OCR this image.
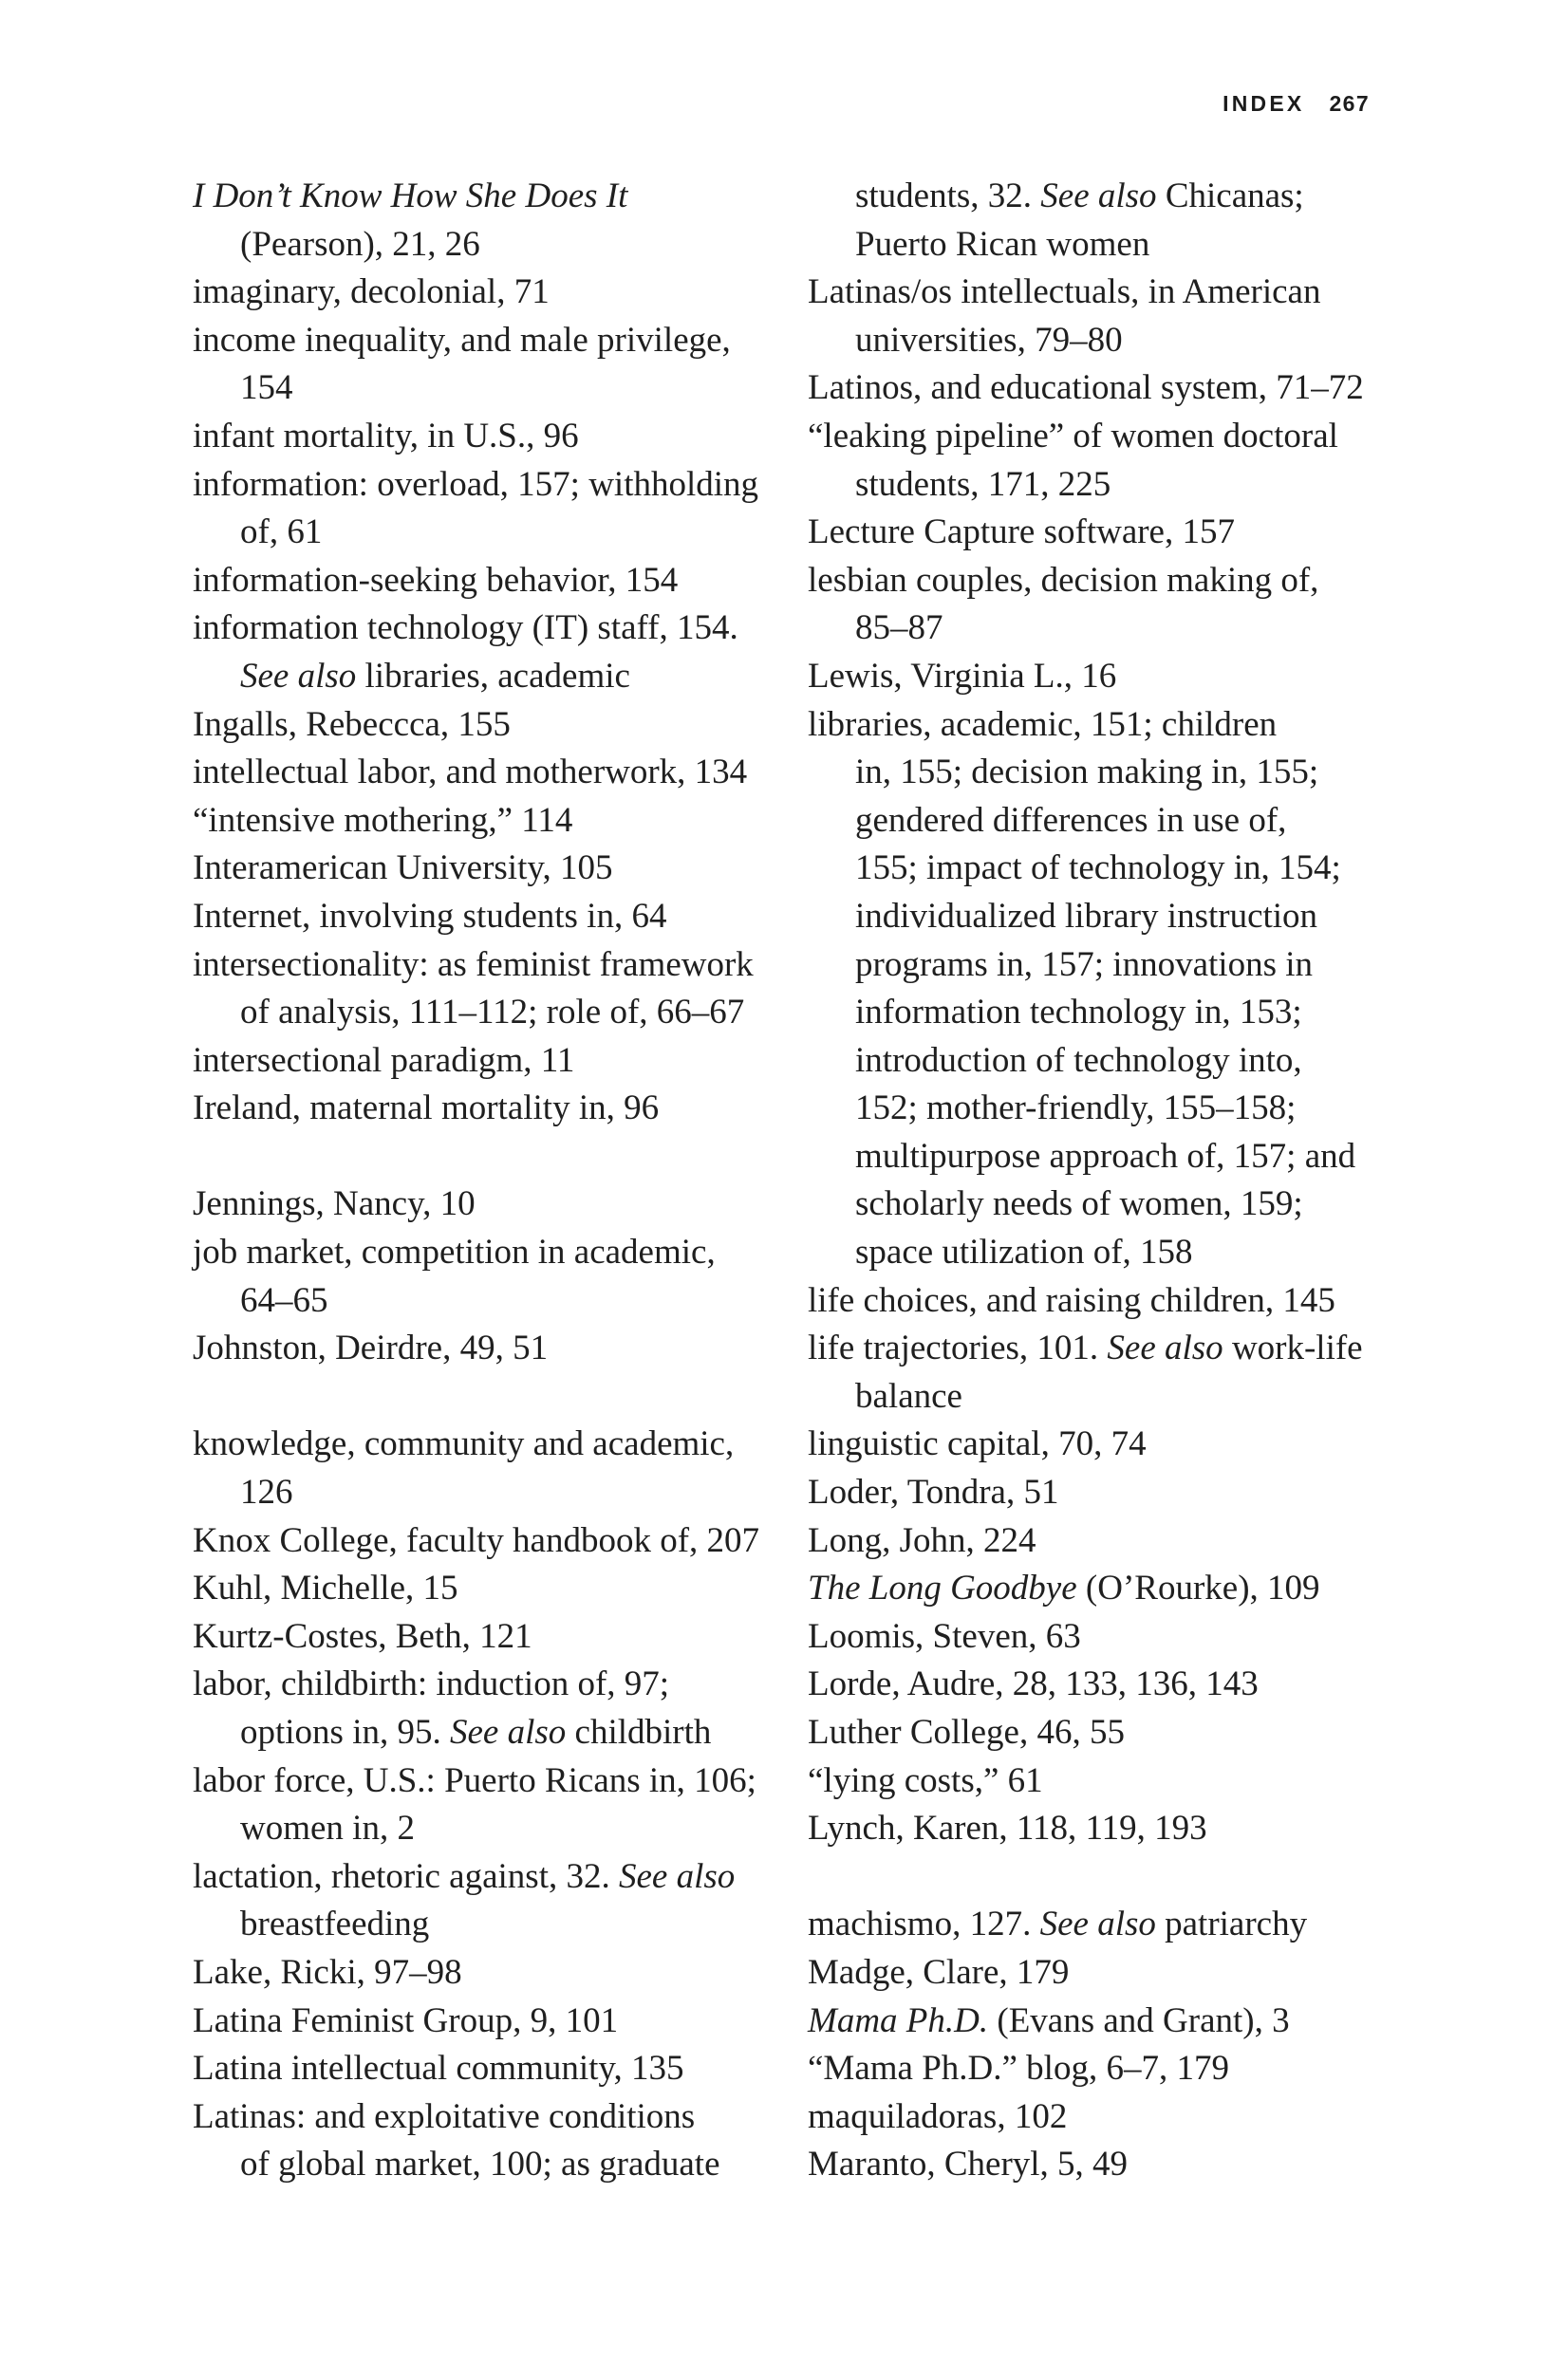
INDEX 267
I Don’t Know How She Does It
(Pearson), 21, 26
imaginary, decolonial, 71
income inequality, and male privilege,
154
infant mortality, in U.S., 96
information: overload, 157; withholding
of, 61
information-seeking behavior, 154
information technology (IT) staff, 154.
See also libraries, academic
Ingalls, Rebeccca, 155
intellectual labor, and motherwork, 134
“intensive mothering,” 114
Interamerican University, 105
Internet, involving students in, 64
intersectionality: as feminist framework
of analysis, 111–112; role of, 66–67
intersectional paradigm, 11
Ireland, maternal mortality in, 96
Jennings, Nancy, 10
job market, competition in academic,
64–65
Johnston, Deirdre, 49, 51
knowledge, community and academic,
126
Knox College, faculty handbook of, 207
Kuhl, Michelle, 15
Kurtz-Costes, Beth, 121
labor, childbirth: induction of, 97;
options in, 95. See also childbirth
labor force, U.S.: Puerto Ricans in, 106;
women in, 2
lactation, rhetoric against, 32. See also
breastfeeding
Lake, Ricki, 97–98
Latina Feminist Group, 9, 101
Latina intellectual community, 135
Latinas: and exploitative conditions
of global market, 100; as graduate
students, 32. See also Chicanas;
Puerto Rican women
Latinas/os intellectuals, in American
universities, 79–80
Latinos, and educational system, 71–72
“leaking pipeline” of women doctoral
students, 171, 225
Lecture Capture software, 157
lesbian couples, decision making of,
85–87
Lewis, Virginia L., 16
libraries, academic, 151; children
in, 155; decision making in, 155;
gendered differences in use of,
155; impact of technology in, 154;
individualized library instruction
programs in, 157; innovations in
information technology in, 153;
introduction of technology into,
152; mother-friendly, 155–158;
multipurpose approach of, 157; and
scholarly needs of women, 159;
space utilization of, 158
life choices, and raising children, 145
life trajectories, 101. See also work-life
balance
linguistic capital, 70, 74
Loder, Tondra, 51
Long, John, 224
The Long Goodbye (O’Rourke), 109
Loomis, Steven, 63
Lorde, Audre, 28, 133, 136, 143
Luther College, 46, 55
“lying costs,” 61
Lynch, Karen, 118, 119, 193
machismo, 127. See also patriarchy
Madge, Clare, 179
Mama Ph.D. (Evans and Grant), 3
“Mama Ph.D.” blog, 6–7, 179
maquiladoras, 102
Maranto, Cheryl, 5, 49
